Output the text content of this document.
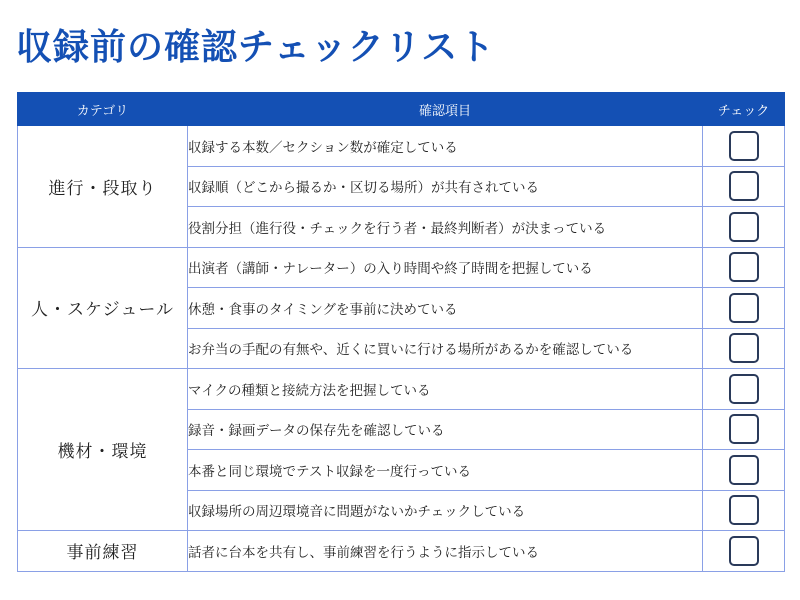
収録前の確認チェックリスト
カテゴリ	確認項目	チェック
進行・段取り	収録する本数／セクション数が確定している	
	収録順（どこから撮るか・区切る場所）が共有されている	
	役割分担（進行役・チェックを行う者・最終判断者）が決まっている	
人・スケジュール	出演者（講師・ナレーター）の入り時間や終了時間を把握している	
	休憩・食事のタイミングを事前に決めている	
	お弁当の手配の有無や、近くに買いに行ける場所があるかを確認している	
機材・環境	マイクの種類と接続方法を把握している	
	録音・録画データの保存先を確認している	
	本番と同じ環境でテスト収録を一度行っている	
	収録場所の周辺環境音に問題がないかチェックしている	
事前練習	話者に台本を共有し、事前練習を行うように指示している	
